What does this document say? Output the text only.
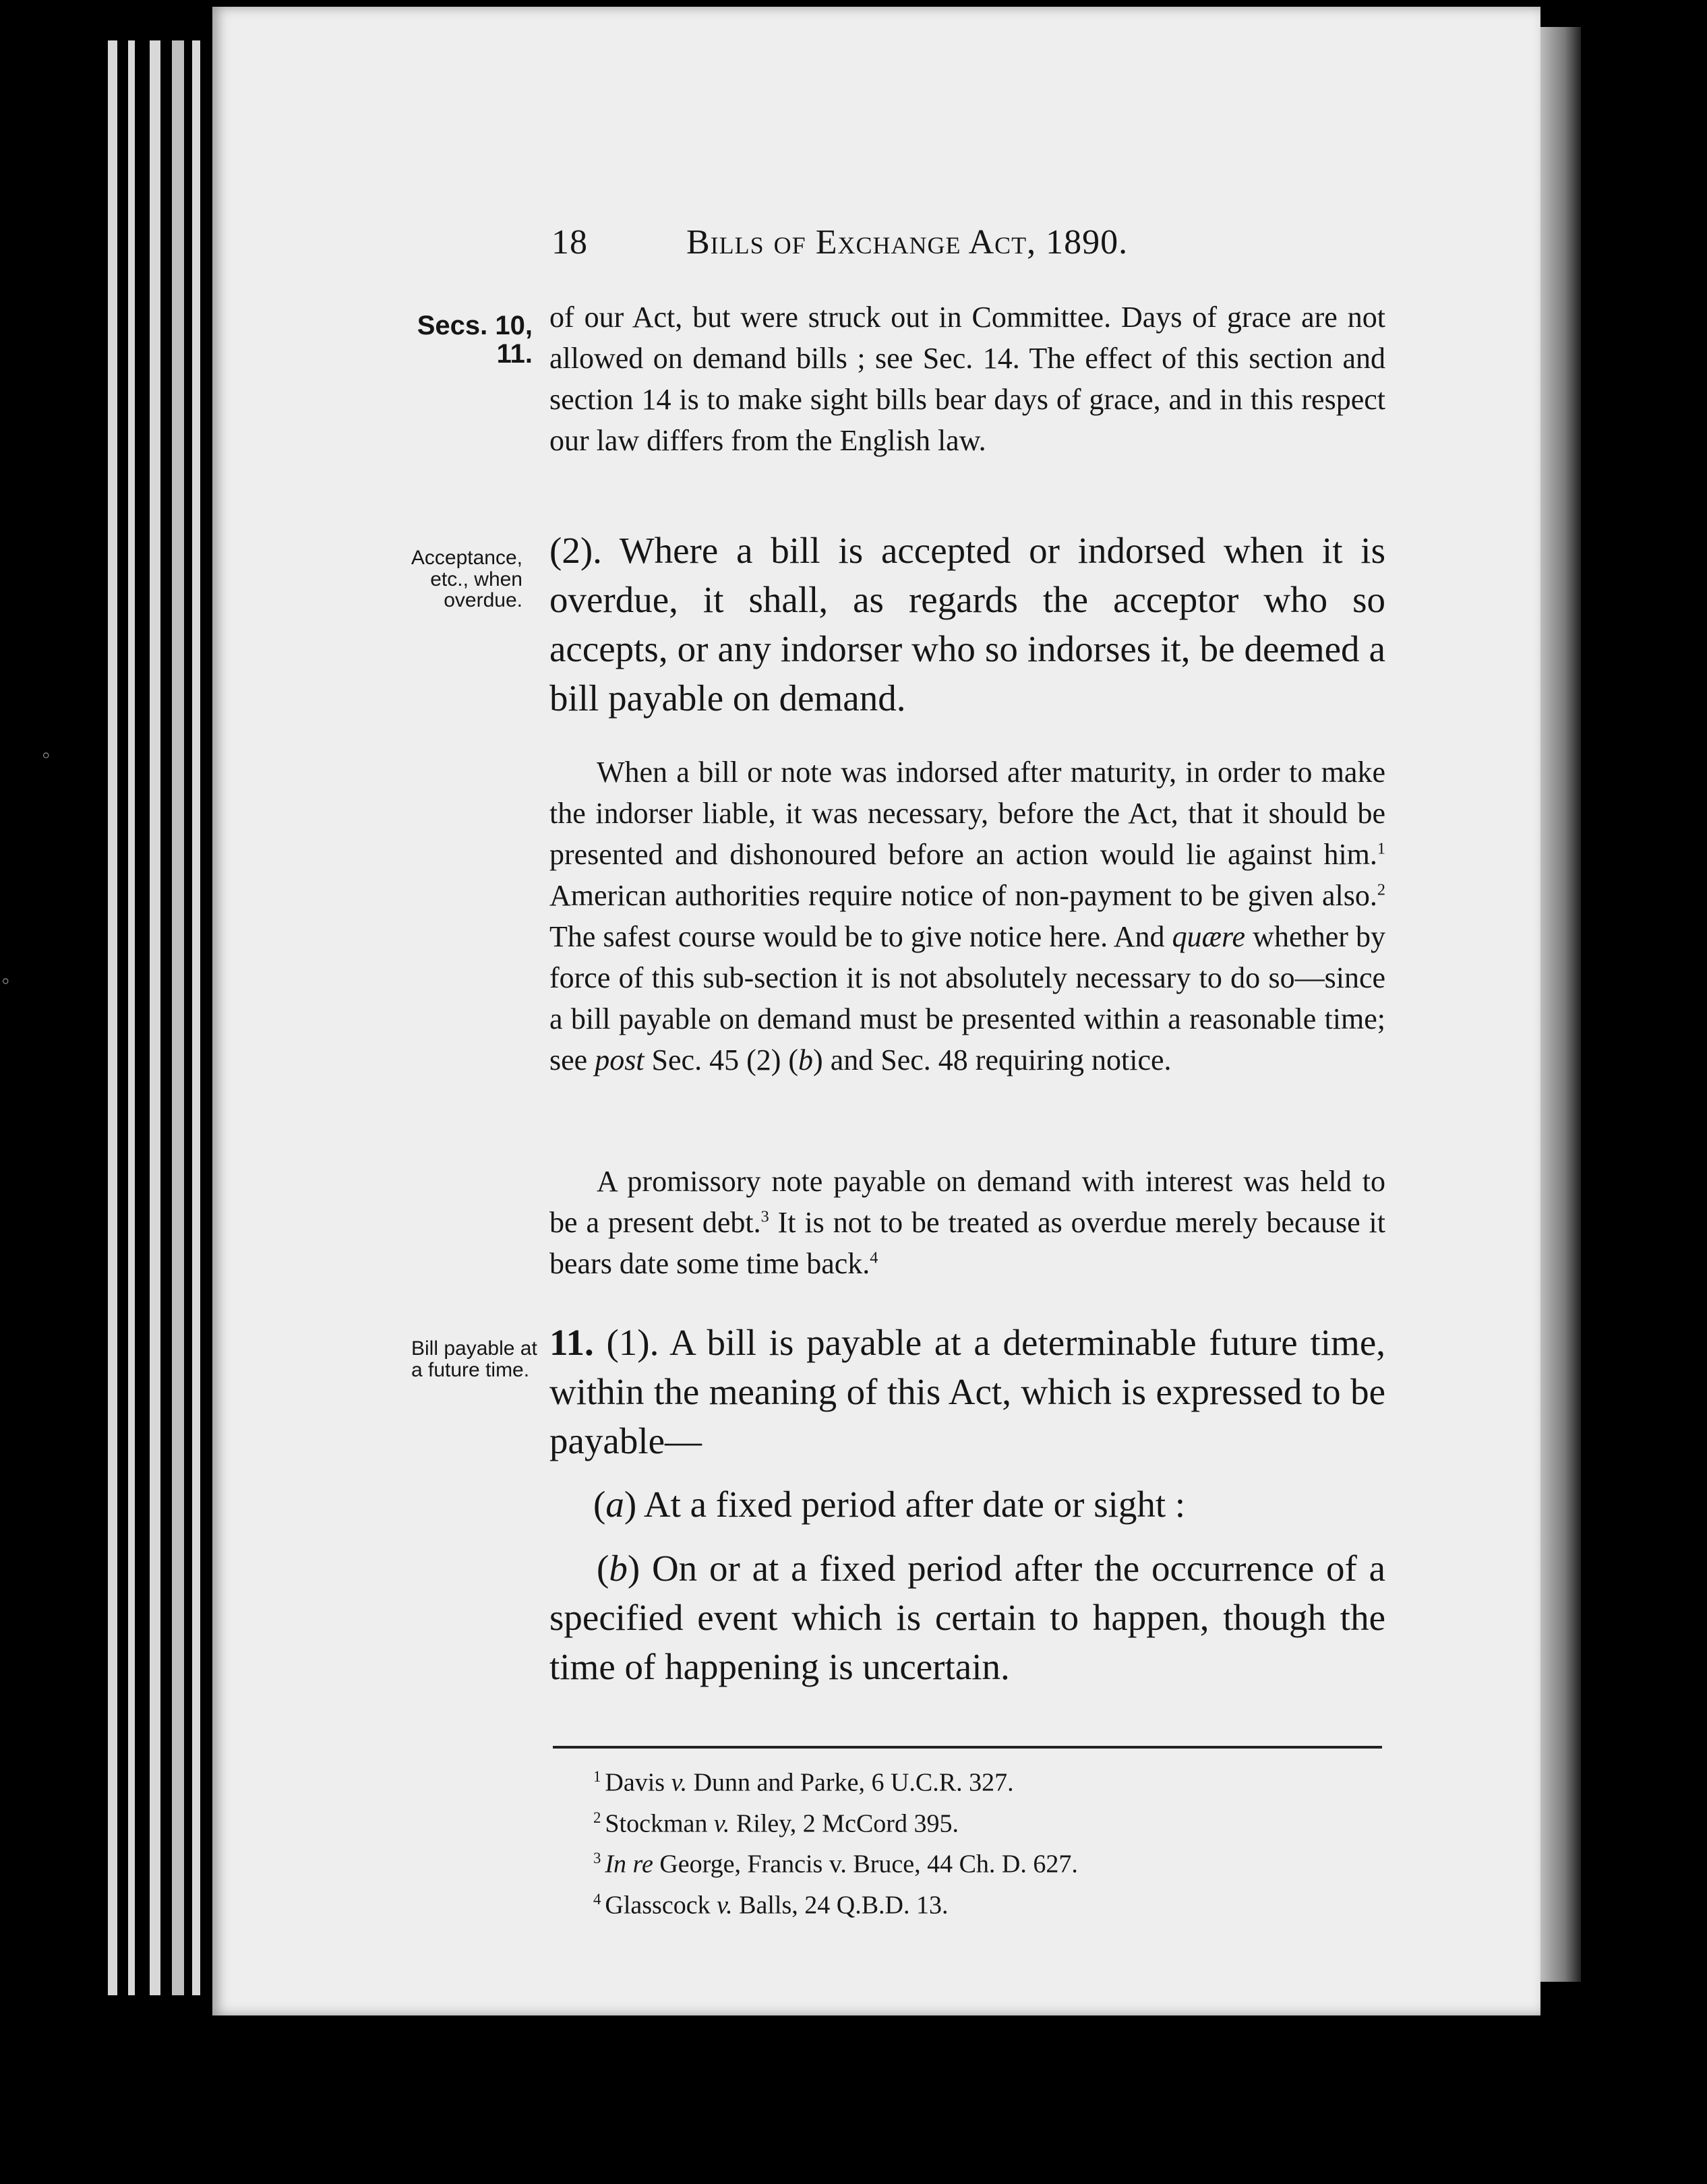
◦
◦
18	Bills of Exchange Act, 1890.
Secs. 10, 11.
Acceptance, etc., when overdue.
Bill payable at a future time.

of our Act, but were struck out in Committee. Days of grace are not allowed on demand bills ; see Sec. 14. The effect of this section and section 14 is to make sight bills bear days of grace, and in this respect our law differs from the English law.

(2). Where a bill is accepted or indorsed when it is overdue, it shall, as regards the acceptor who so accepts, or any indorser who so indorses it, be deemed a bill payable on demand.

When a bill or note was indorsed after maturity, in order to make the indorser liable, it was necessary, before the Act, that it should be presented and dishonoured before an action would lie against him.$^1$ American authorities require notice of non-payment to be given also.$^2$ The safest course would be to give notice here. And quære whether by force of this sub-section it is not absolutely necessary to do so—since a bill payable on demand must be presented within a reasonable time; see post Sec. 45 (2) (b) and Sec. 48 requiring notice.

A promissory note payable on demand with interest was held to be a present debt.$^3$ It is not to be treated as overdue merely because it bears date some time back.$^4$

11. (1). A bill is payable at a determinable future time, within the meaning of this Act, which is expressed to be payable—

(a) At a fixed period after date or sight :

(b) On or at a fixed period after the occurrence of a specified event which is certain to happen, though the time of happening is uncertain.

$^1$ Davis v. Dunn and Parke, 6 U.C.R. 327.
$^2$ Stockman v. Riley, 2 McCord 395.
$^3$ In re George, Francis v. Bruce, 44 Ch. D. 627.
$^4$ Glasscock v. Balls, 24 Q.B.D. 13.
